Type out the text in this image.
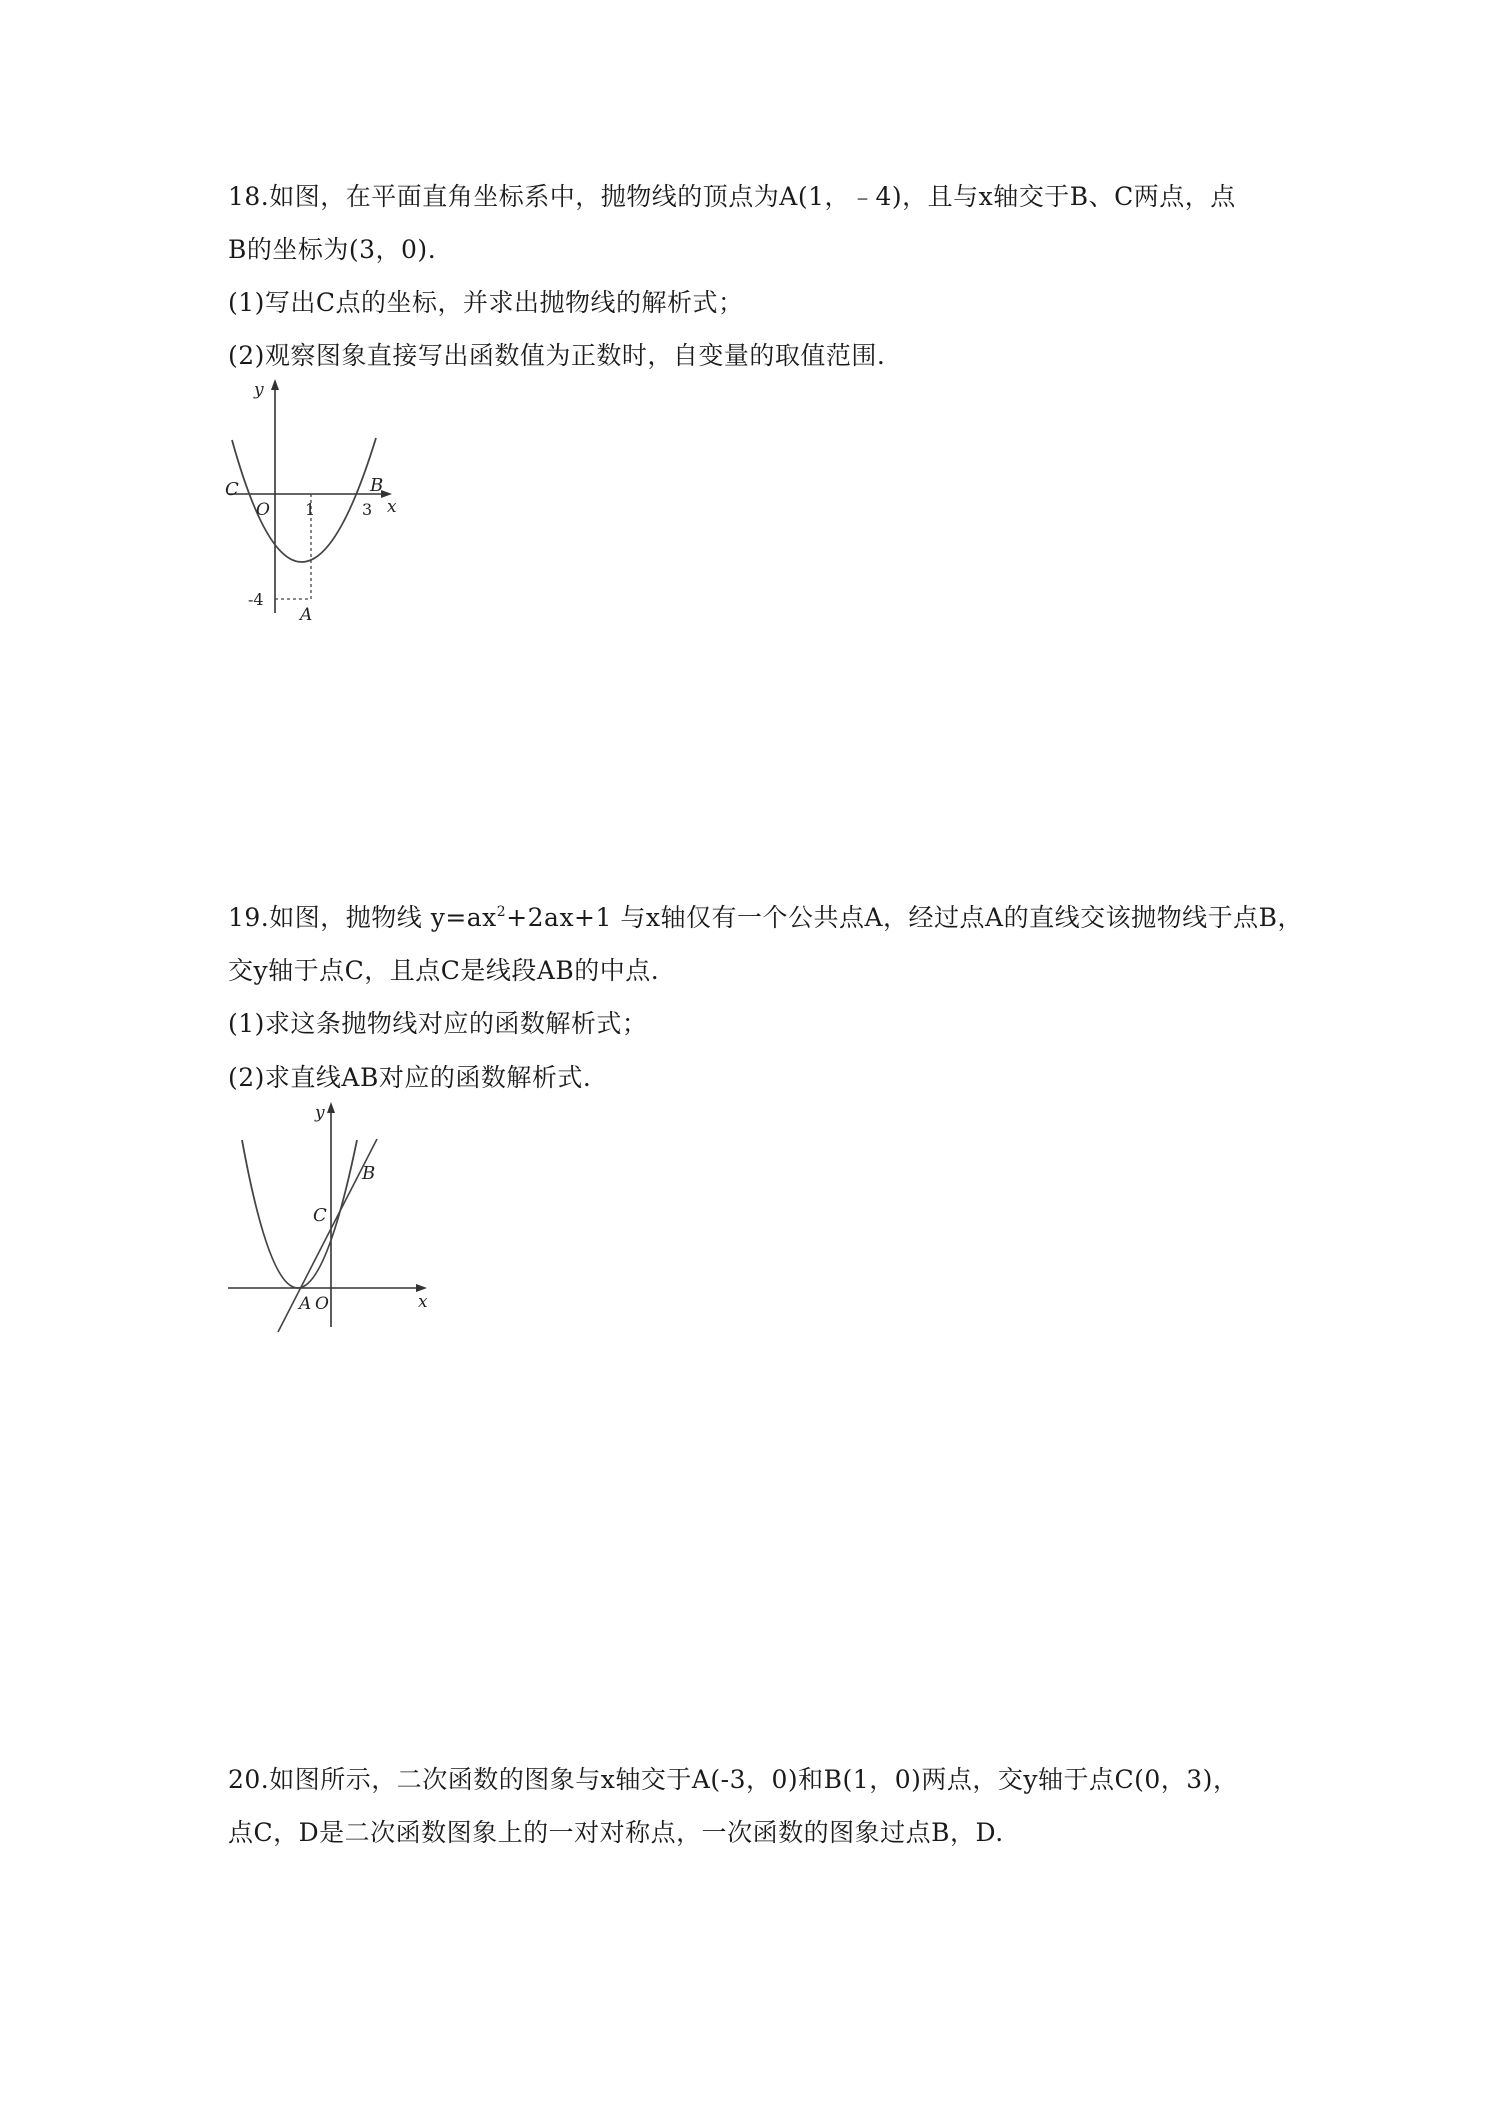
18.如图，在平面直角坐标系中，抛物线的顶点为A(1，﹣4)，且与x轴交于B、C两点，点
B的坐标为(3，0).
(1)写出C点的坐标，并求出抛物线的解析式；
(2)观察图象直接写出函数值为正数时，自变量的取值范围.
y
x
C	B
O 1	3
-4
A
19.如图，抛物线 $y=ax^2+2ax+1$ 与x轴仅有一个公共点A，经过点A的直线交该抛物线于点B，
交y轴于点C，且点C是线段AB的中点.
(1)求这条抛物线对应的函数解析式；
(2)求直线AB对应的函数解析式.
y
x
B
C
A O
20.如图所示，二次函数的图象与x轴交于A(-3，0)和B(1，0)两点，交y轴于点C(0，3)，
点C，D是二次函数图象上的一对对称点，一次函数的图象过点B，D.
